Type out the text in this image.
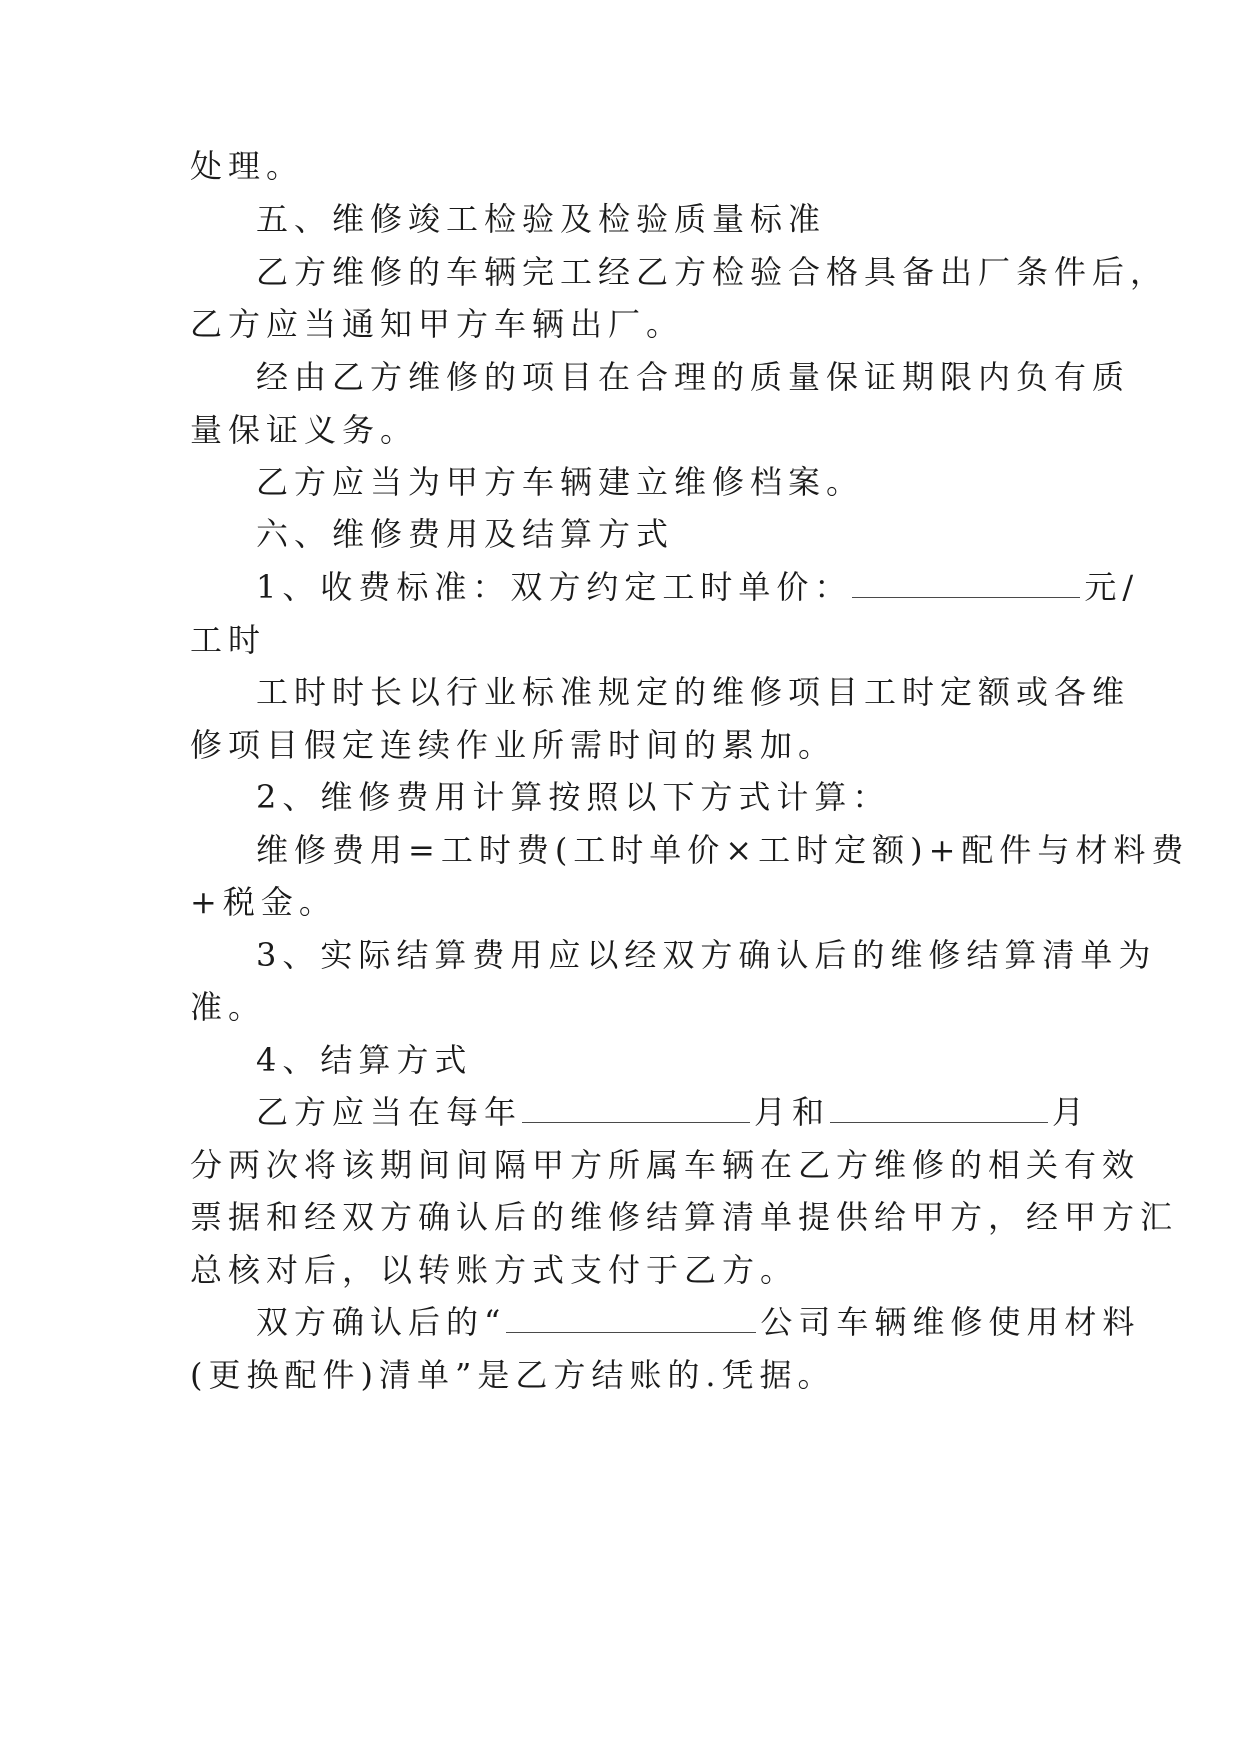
处理。
五、维修竣工检验及检验质量标准
乙方维修的车辆完工经乙方检验合格具备出厂条件后，
乙方应当通知甲方车辆出厂。
经由乙方维修的项目在合理的质量保证期限内负有质
量保证义务。
乙方应当为甲方车辆建立维修档案。
六、维修费用及结算方式
1、收费标准：双方约定工时单价：	元/
工时
工时时长以行业标准规定的维修项目工时定额或各维
修项目假定连续作业所需时间的累加。
2、维修费用计算按照以下方式计算：
维修费用=工时费(工时单价×工时定额)+配件与材料费
+税金。
3、实际结算费用应以经双方确认后的维修结算清单为
准。
4、结算方式
乙方应当在每年	月和	月
分两次将该期间间隔甲方所属车辆在乙方维修的相关有效
票据和经双方确认后的维修结算清单提供给甲方，经甲方汇
总核对后，以转账方式支付于乙方。
双方确认后的“	公司车辆维修使用材料
(更换配件)清单”是乙方结账的.凭据。
